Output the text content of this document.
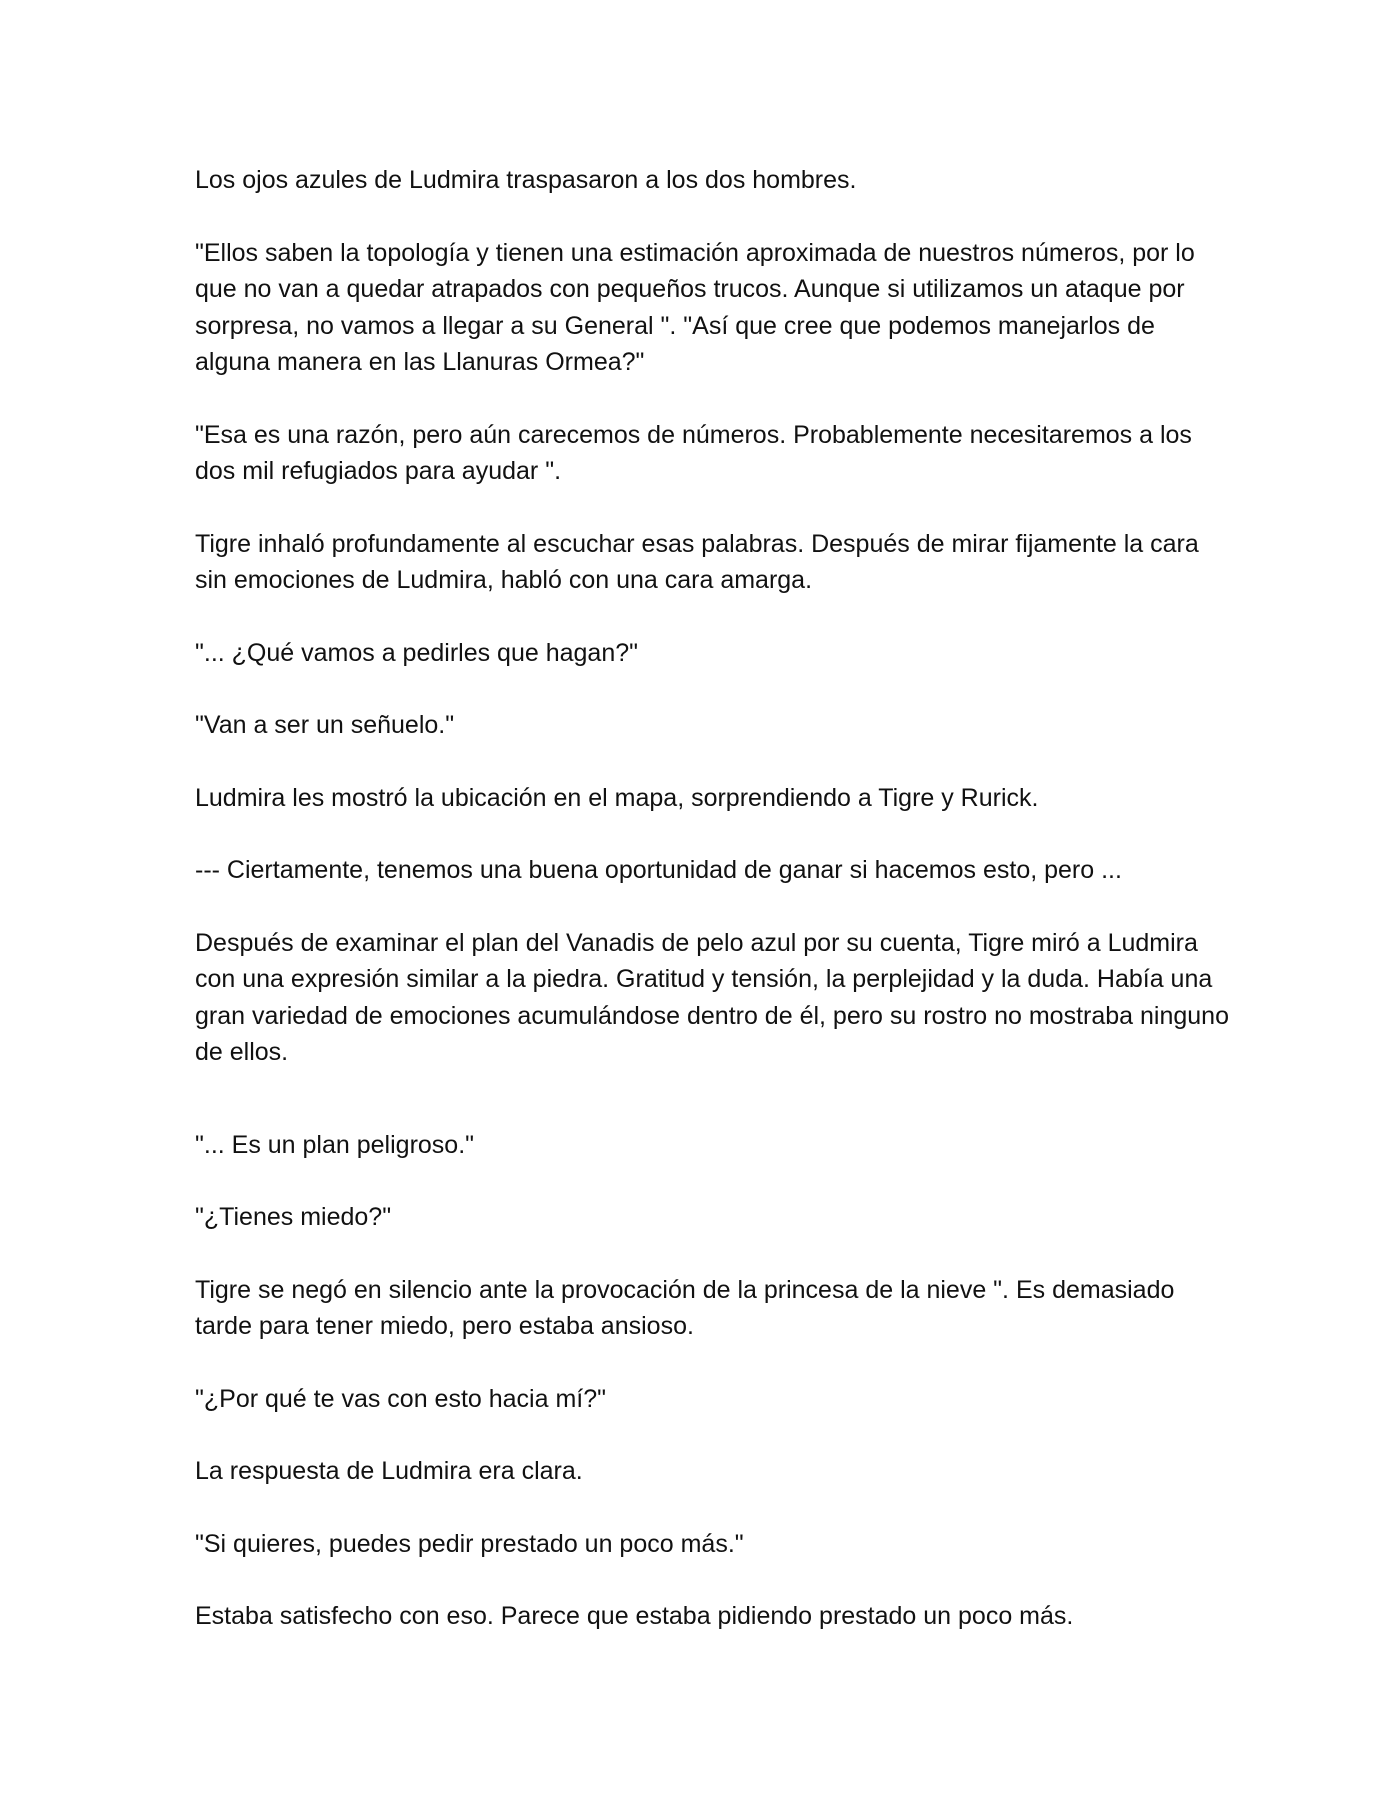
Los ojos azules de Ludmira traspasaron a los dos hombres.

"Ellos saben la topología y tienen una estimación aproximada de nuestros números, por lo que no van a quedar atrapados con pequeños trucos. Aunque si utilizamos un ataque por sorpresa, no vamos a llegar a su General ". "Así que cree que podemos manejarlos de alguna manera en las Llanuras Ormea?"

"Esa es una razón, pero aún carecemos de números. Probablemente necesitaremos a los dos mil refugiados para ayudar ".

Tigre inhaló profundamente al escuchar esas palabras. Después de mirar fijamente la cara sin emociones de Ludmira, habló con una cara amarga.

"... ¿Qué vamos a pedirles que hagan?"

"Van a ser un señuelo."

Ludmira les mostró la ubicación en el mapa, sorprendiendo a Tigre y Rurick.

--- Ciertamente, tenemos una buena oportunidad de ganar si hacemos esto, pero ...

Después de examinar el plan del Vanadis de pelo azul por su cuenta, Tigre miró a Ludmira con una expresión similar a la piedra. Gratitud y tensión, la perplejidad y la duda. Había una gran variedad de emociones acumulándose dentro de él, pero su rostro no mostraba ninguno de ellos.

"... Es un plan peligroso."

"¿Tienes miedo?"

Tigre se negó en silencio ante la provocación de la princesa de la nieve ". Es demasiado tarde para tener miedo, pero estaba ansioso.

"¿Por qué te vas con esto hacia mí?"

La respuesta de Ludmira era clara.

"Si quieres, puedes pedir prestado un poco más."

Estaba satisfecho con eso. Parece que estaba pidiendo prestado un poco más.
